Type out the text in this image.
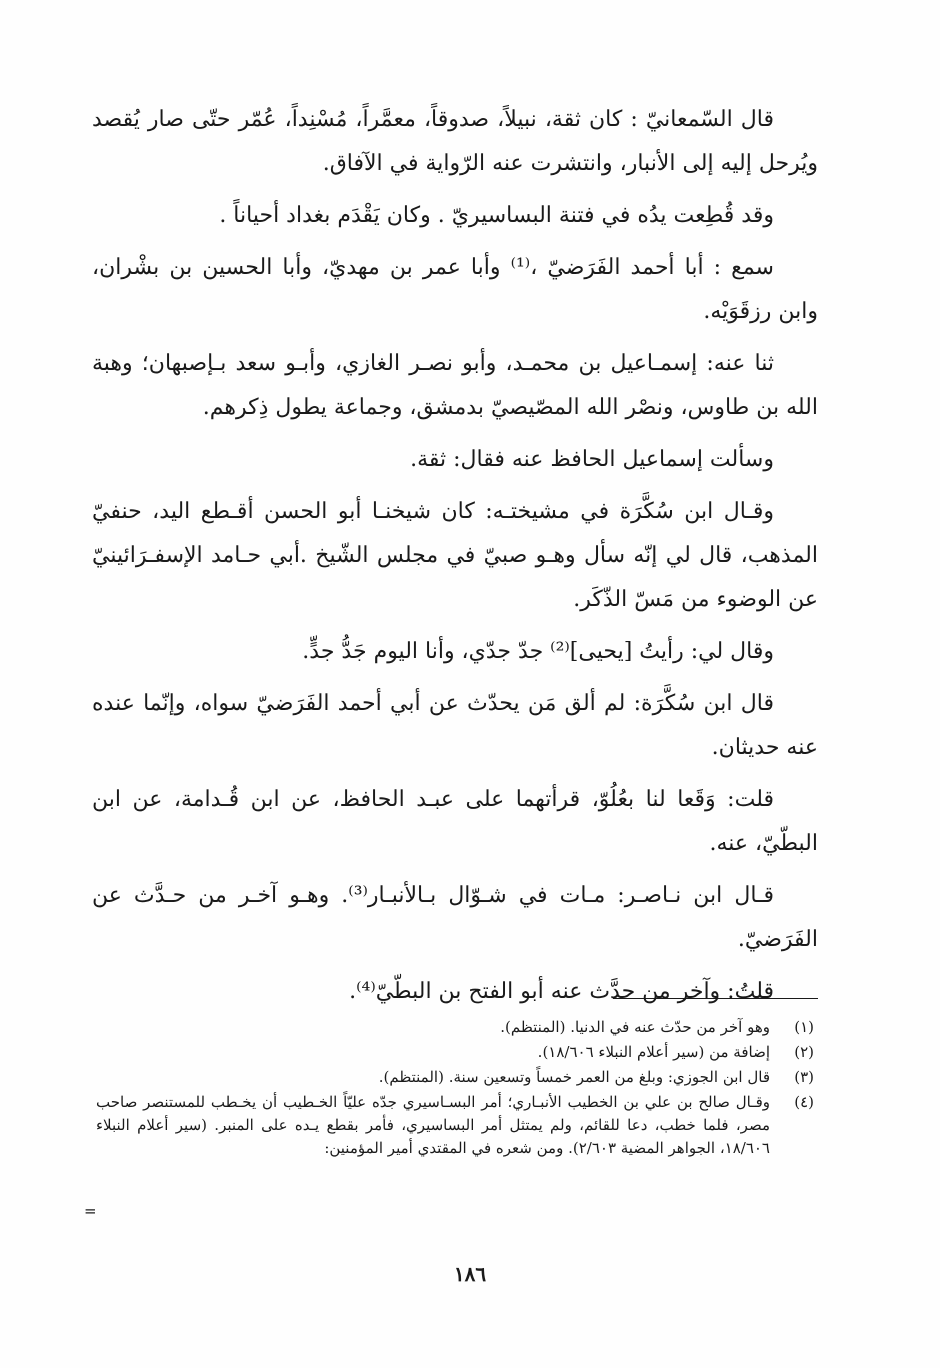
قال السّمعانيّ : كان ثقة، نبيلاً، صدوقاً، معمَّراً، مُسْنِداً، عُمّر حتّى صار يُقصد ويُرحل إليه إلى الأنبار، وانتشرت عنه الرّواية في الآفاق.

وقد قُطِعت يدُه في فتنة البساسيريّ . وكان يَقْدَم بغداد أحياناً .

سمع : أبا أحمد الفَرَضيّ ،⁽¹⁾ وأبا عمر بن مهديّ، وأبا الحسين بن بشْران، وابن رزقَوَيْه.

ثنا عنه: إسمـاعيل بن محمـد، وأبو نصـر الغازي، وأبـو سعد بـإصبهان؛ وهبة الله بن طاوس، ونصْر الله المصّيصيّ بدمشق، وجماعة يطول ذِكرهم.

وسألت إسماعيل الحافظ عنه فقال: ثقة.

وقـال ابن سُكَّرَة في مشيختـه: كان شيخنـا أبو الحسن أقـطع اليد، حنفيّ المذهب، قال لي إنّه سأل وهـو صبيّ في مجلس الشّيخ .أبي حـامد الإسفـرَائينيّ عن الوضوء من مَسّ الذّكَر.

وقال لي: رأيتُ [يحيى]⁽²⁾ جدّ جدّي، وأنا اليوم جَدُّ جدٍّ.

قال ابن سُكَّرَة: لم ألق مَن يحدّث عن أبي أحمد الفَرَضيّ سواه، وإنّما عنده عنه حديثان.

قلت: وَقَعا لنا بعُلُوّ، قرأتهما على عبـد الحافظ، عن ابن قُـدامة، عن ابن البطّيّ، عنه.

قـال ابن نـاصـر: مـات في شـوّال بـالأنبـار⁽³⁾. وهـو آخـر من حـدَّث عن الفَرَضيّ.

قلتُ: وآخر من حدَّث عنه أبو الفتح بن البطّيّ⁽⁴⁾.

(١)
وهو آخر من حدّث عنه في الدنيا. (المنتظم).
(٢)
إضافة من (سير أعلام النبلاء ١٨/٦٠٦).
(٣)
قال ابن الجوزي: وبلغ من العمر خمساً وتسعين سنة. (المنتظم).
(٤)
وقـال صالح بن علي بن الخطيب الأنبـاري؛ أمر البسـاسيري جدّه عليّاً الخـطيب أن يخـطب للمستنصر صاحب مصر، فلما خطب، دعا للقائم، ولم يمتثل أمر البساسيري، فأمر بقطع يـده على المنبر. (سير أعلام النبلاء ١٨/٦٠٦، الجواهر المضية ٢/٦٠٣). ومن شعره في المقتدي أمير المؤمنين:
=
١٨٦
